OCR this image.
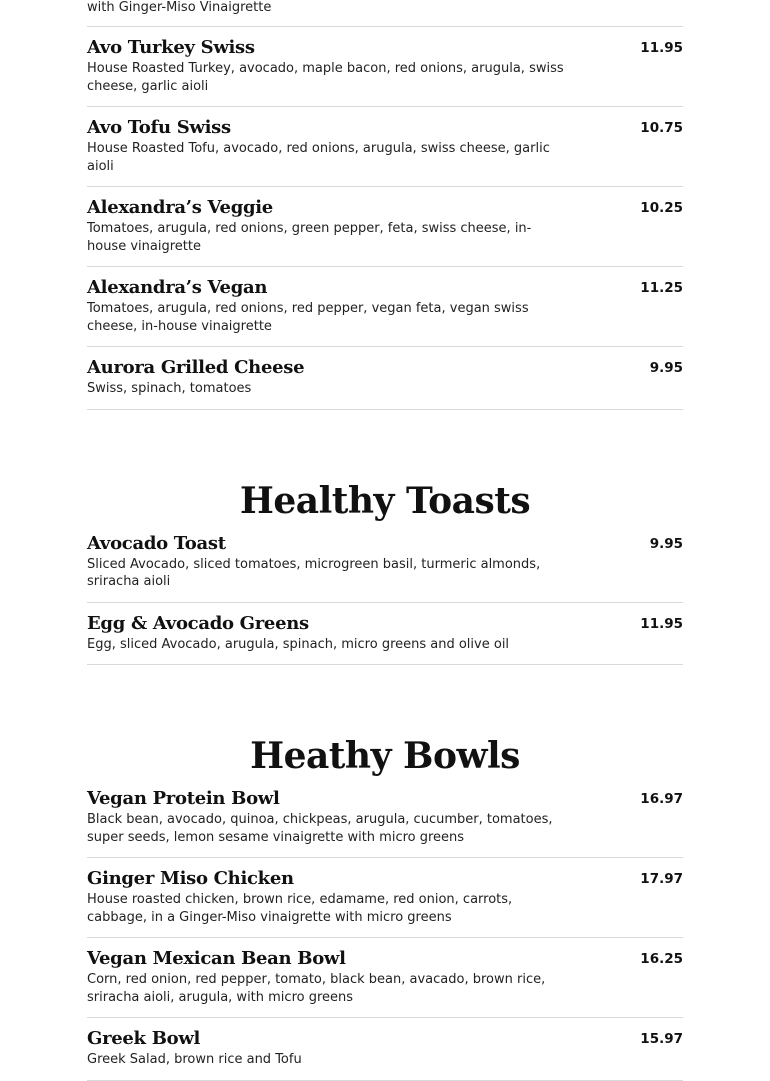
with Ginger-Miso Vinaigrette
Avo Turkey Swiss	11.95
House Roasted Turkey, avocado, maple bacon, red onions, arugula, swiss cheese, garlic aioli
Avo Tofu Swiss	10.75
House Roasted Tofu, avocado, red onions, arugula, swiss cheese, garlic aioli
Alexandra’s Veggie	10.25
Tomatoes, arugula, red onions, green pepper, feta, swiss cheese, in-house vinaigrette
Alexandra’s Vegan	11.25
Tomatoes, arugula, red onions, red pepper, vegan feta, vegan swiss cheese, in-house vinaigrette
Aurora Grilled Cheese	9.95
Swiss, spinach, tomatoes
Healthy Toasts
Avocado Toast	9.95
Sliced Avocado, sliced tomatoes, microgreen basil, turmeric almonds, sriracha aioli
Egg & Avocado Greens	11.95
Egg, sliced Avocado, arugula, spinach, micro greens and olive oil
Heathy Bowls
Vegan Protein Bowl	16.97
Black bean, avocado, quinoa, chickpeas, arugula, cucumber, tomatoes, super seeds, lemon sesame vinaigrette with micro greens
Ginger Miso Chicken	17.97
House roasted chicken, brown rice, edamame, red onion, carrots, cabbage, in a Ginger-Miso vinaigrette with micro greens
Vegan Mexican Bean Bowl	16.25
Corn, red onion, red pepper, tomato, black bean, avacado, brown rice, sriracha aioli, arugula, with micro greens
Greek Bowl	15.97
Greek Salad, brown rice and Tofu
